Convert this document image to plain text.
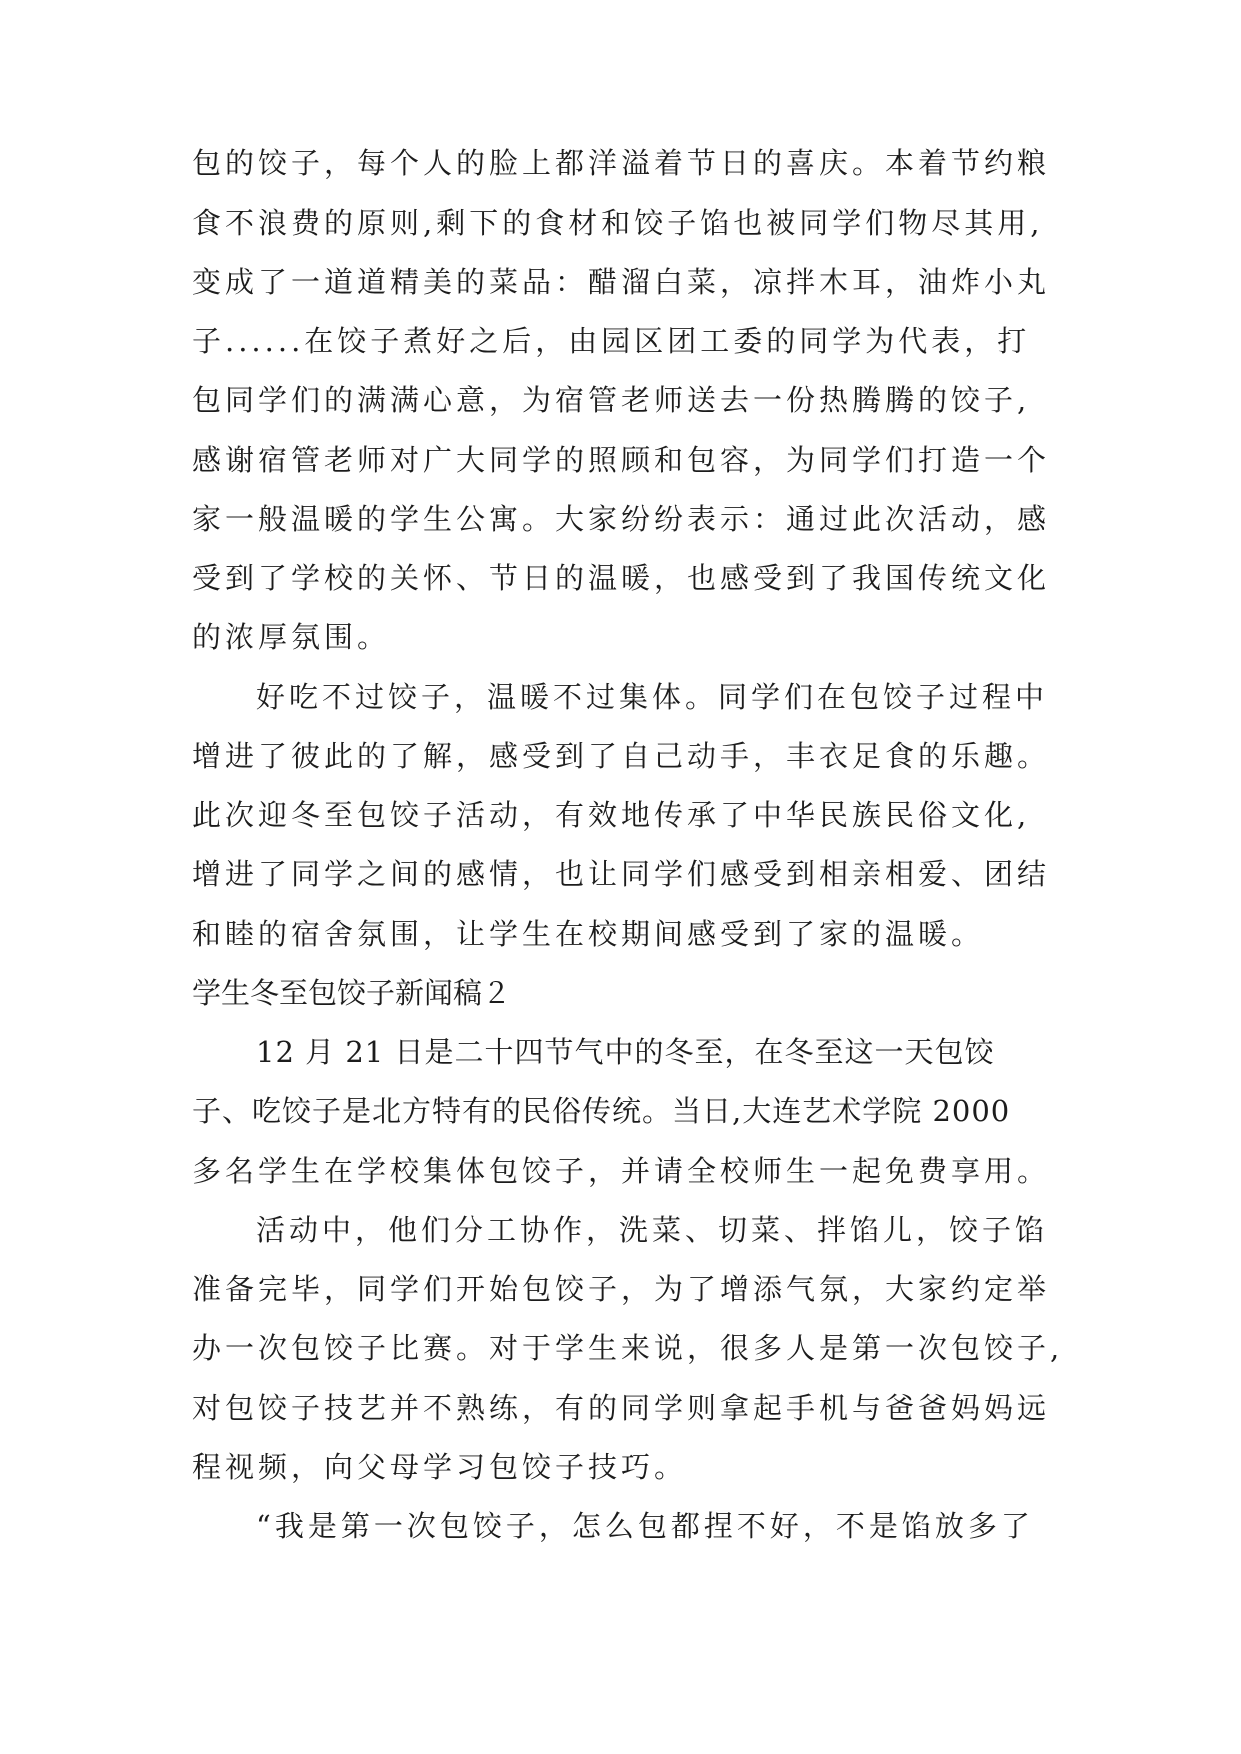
包的饺子，每个人的脸上都洋溢着节日的喜庆。本着节约粮
食不浪费的原则,剩下的食材和饺子馅也被同学们物尽其用,
变成了一道道精美的菜品：醋溜白菜，凉拌木耳，油炸小丸
子......在饺子煮好之后，由园区团工委的同学为代表，打
包同学们的满满心意，为宿管老师送去一份热腾腾的饺子,
感谢宿管老师对广大同学的照顾和包容，为同学们打造一个
家一般温暖的学生公寓。大家纷纷表示：通过此次活动，感
受到了学校的关怀、节日的温暖，也感受到了我国传统文化
的浓厚氛围。
好吃不过饺子，温暖不过集体。同学们在包饺子过程中
增进了彼此的了解，感受到了自己动手，丰衣足食的乐趣。
此次迎冬至包饺子活动，有效地传承了中华民族民俗文化,
增进了同学之间的感情，也让同学们感受到相亲相爱、团结
和睦的宿舍氛围，让学生在校期间感受到了家的温暖。
学生冬至包饺子新闻稿２
12 月 21 日是二十四节气中的冬至，在冬至这一天包饺
子、吃饺子是北方特有的民俗传统。当日,大连艺术学院 2000
多名学生在学校集体包饺子，并请全校师生一起免费享用。
活动中，他们分工协作，洗菜、切菜、拌馅儿，饺子馅
准备完毕，同学们开始包饺子，为了增添气氛，大家约定举
办一次包饺子比赛。对于学生来说，很多人是第一次包饺子,
对包饺子技艺并不熟练，有的同学则拿起手机与爸爸妈妈远
程视频，向父母学习包饺子技巧。
“我是第一次包饺子，怎么包都捏不好，不是馅放多了
